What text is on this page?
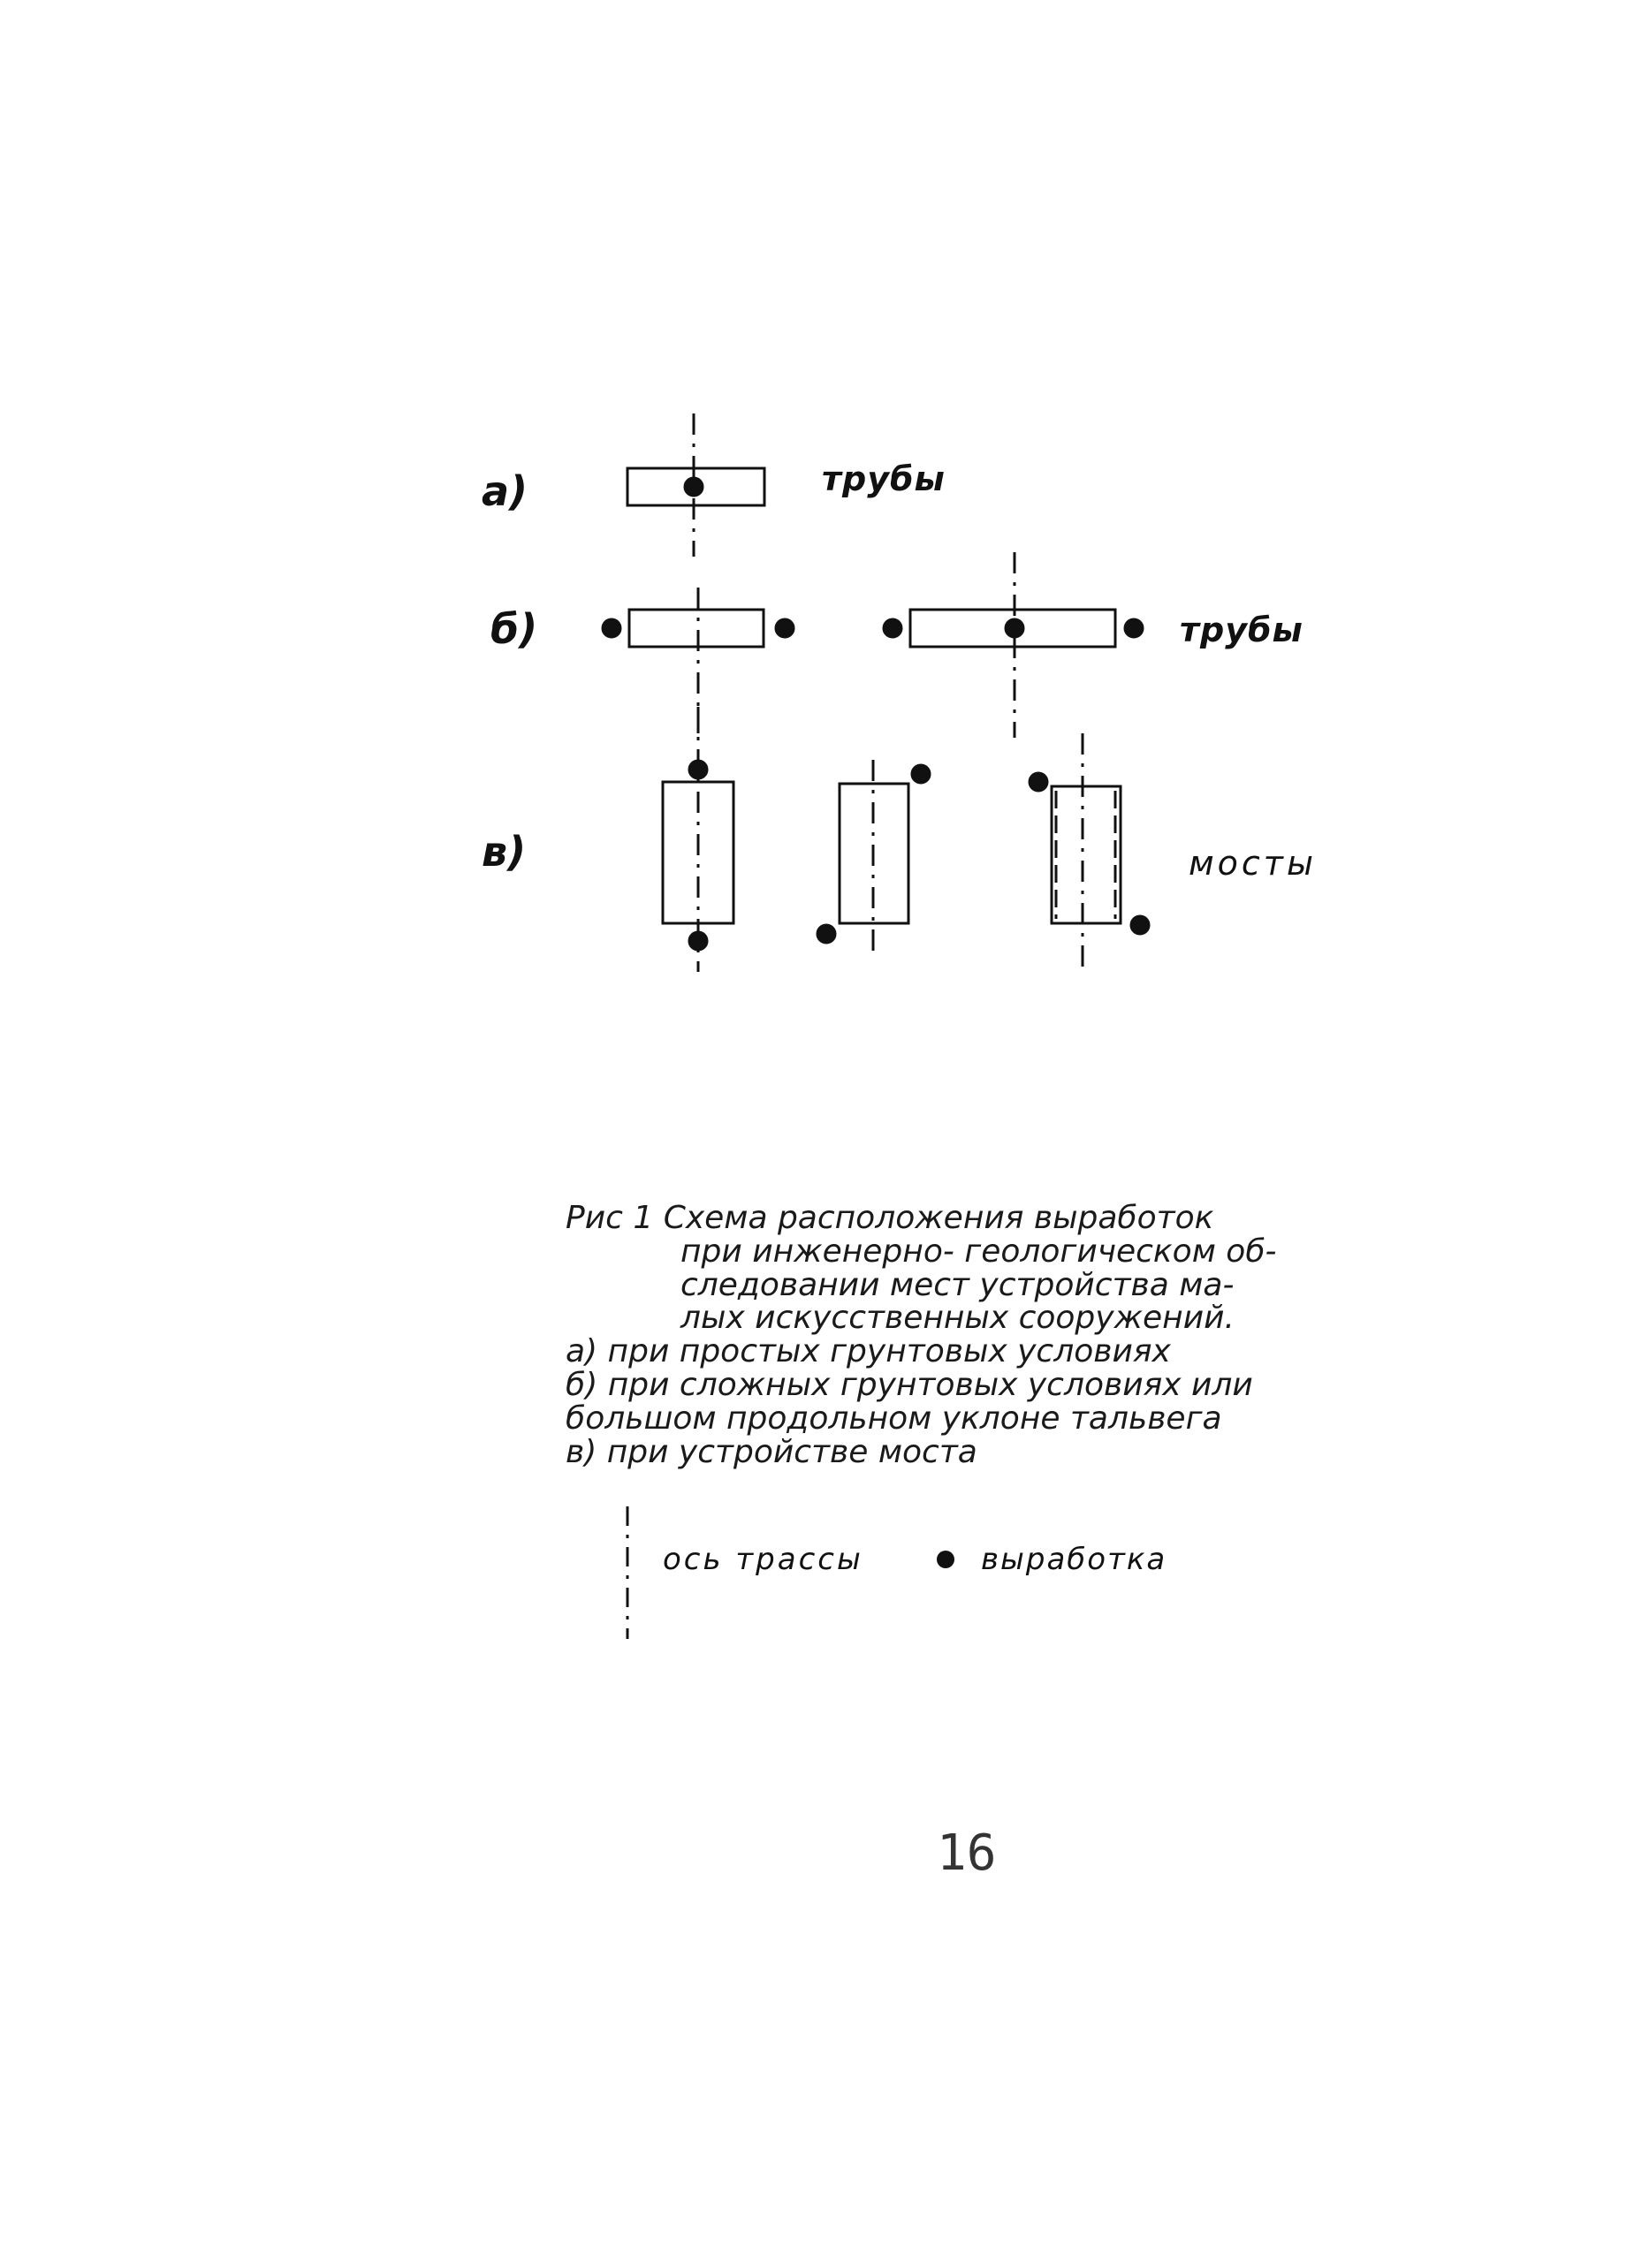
а)	трубы
б)	трубы
в)	мосты
Рис 1 Схема расположения выработок
при инженерно- геологическом об-
следовании мест устройства ма-
лых искусственных сооружений.
а) при простых грунтовых условиях
б) при сложных грунтовых условиях или
большом продольном уклоне тальвега
в) при устройстве моста
ось трассы	выработка
16
